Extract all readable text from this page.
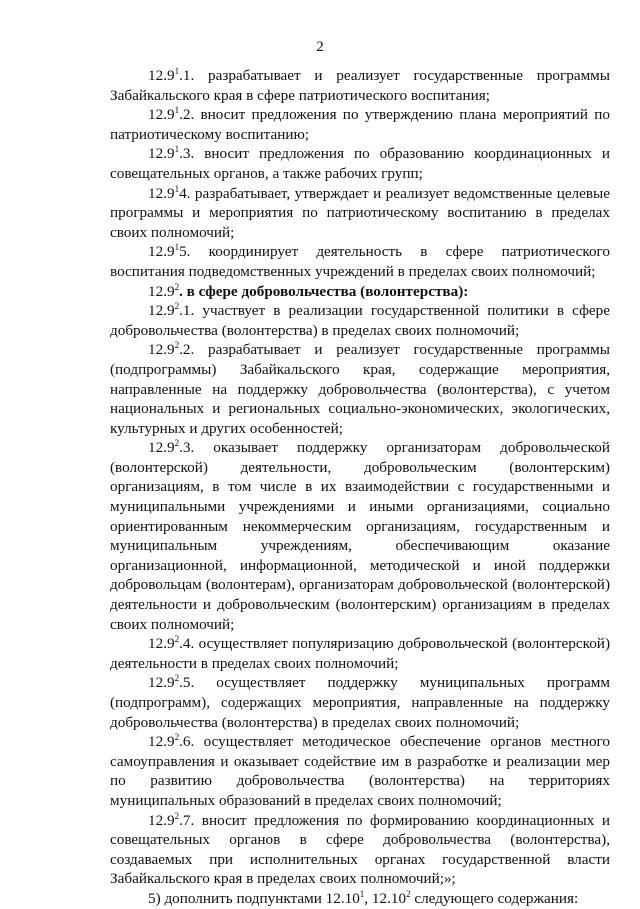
2

12.9$^1$.1. разрабатывает и реализует государственные программы Забайкальского края в сфере патриотического воспитания;

12.9$^1$.2. вносит предложения по утверждению плана мероприятий по патриотическому воспитанию;

12.9$^1$.3. вносит предложения по образованию координационных и совещательных органов, а также рабочих групп;

12.9$^1$4. разрабатывает, утверждает и реализует ведомственные целевые программы и мероприятия по патриотическому воспитанию в пределах своих полномочий;

12.9$^1$5. координирует деятельность в сфере патриотического воспитания подведомственных учреждений в пределах своих полномочий;

12.9$^2$. в сфере добровольчества (волонтерства):

12.9$^2$.1. участвует в реализации государственной политики в сфере добровольчества (волонтерства) в пределах своих полномочий;

12.9$^2$.2. разрабатывает и реализует государственные программы (подпрограммы) Забайкальского края, содержащие мероприятия, направленные на поддержку добровольчества (волонтерства), с учетом национальных и региональных социально-экономических, экологических, культурных и других особенностей;

12.9$^2$.3. оказывает поддержку организаторам добровольческой (волонтерской) деятельности, добровольческим (волонтерским) организациям, в том числе в их взаимодействии с государственными и муниципальными учреждениями и иными организациями, социально ориентированным некоммерческим организациям, государственным и муниципальным учреждениям, обеспечивающим оказание организационной, информационной, методической и иной поддержки добровольцам (волонтерам), организаторам добровольческой (волонтерской) деятельности и добровольческим (волонтерским) организациям в пределах своих полномочий;

12.9$^2$.4. осуществляет популяризацию добровольческой (волонтерской) деятельности в пределах своих полномочий;

12.9$^2$.5. осуществляет поддержку муниципальных программ (подпрограмм), содержащих мероприятия, направленные на поддержку добровольчества (волонтерства) в пределах своих полномочий;

12.9$^2$.6. осуществляет методическое обеспечение органов местного самоуправления и оказывает содействие им в разработке и реализации мер по развитию добровольчества (волонтерства) на территориях муниципальных образований в пределах своих полномочий;

12.9$^2$.7. вносит предложения по формированию координационных и совещательных органов в сфере добровольчества (волонтерства), создаваемых при исполнительных органах государственной власти Забайкальского края в пределах своих полномочий;»;

5) дополнить подпунктами 12.10$^1$, 12.10$^2$ следующего содержания:
